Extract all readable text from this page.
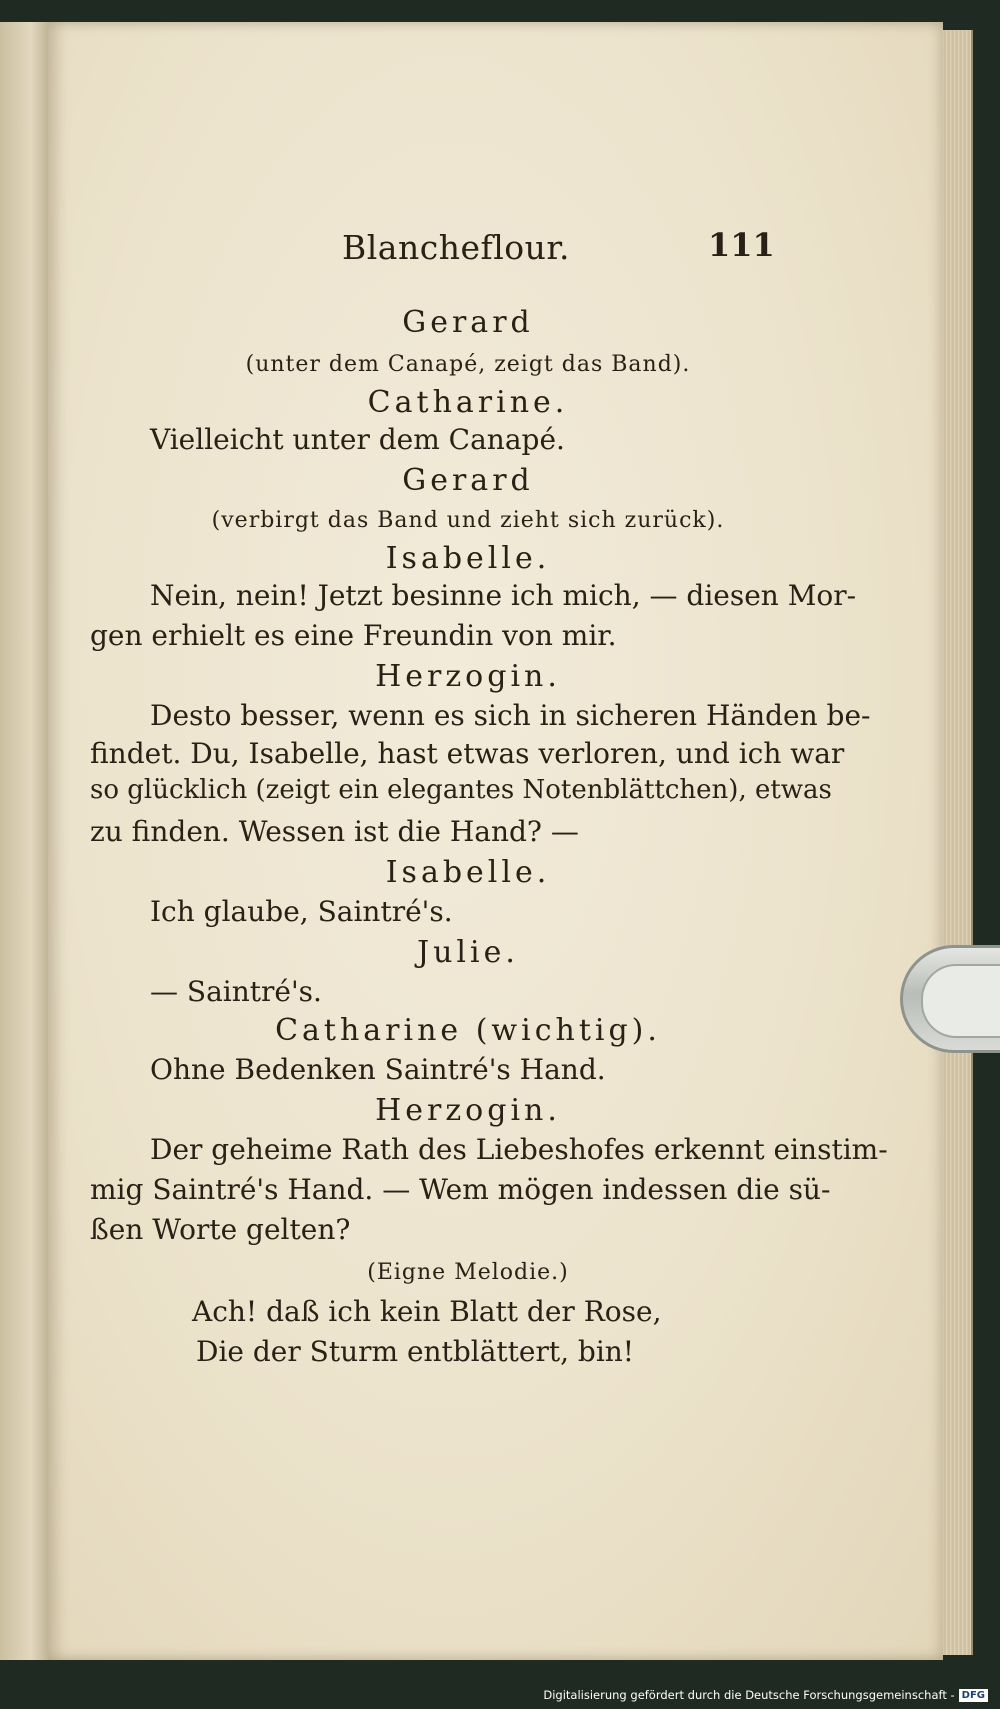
Blancheflour.	111
Gerard
(unter dem Canapé, zeigt das Band).
Catharine.
Vielleicht unter dem Canapé.
Gerard
(verbirgt das Band und zieht sich zurück).
Isabelle.
Nein, nein! Jetzt besinne ich mich, — diesen Mor-
gen erhielt es eine Freundin von mir.
Herzogin.
Desto besser, wenn es sich in sicheren Händen be-
findet. Du, Isabelle, hast etwas verloren, und ich war
so glücklich (zeigt ein elegantes Notenblättchen), etwas
zu finden. Wessen ist die Hand? —
Isabelle.
Ich glaube, Saintré's.
Julie.
— Saintré's.
Catharine (wichtig).
Ohne Bedenken Saintré's Hand.
Herzogin.
Der geheime Rath des Liebeshofes erkennt einstim-
mig Saintré's Hand. — Wem mögen indessen die sü-
ßen Worte gelten?
(Eigne Melodie.)
Ach! daß ich kein Blatt der Rose,
Die der Sturm entblättert, bin!
Digitalisierung gefördert durch die Deutsche Forschungsgemeinschaft - DFG
